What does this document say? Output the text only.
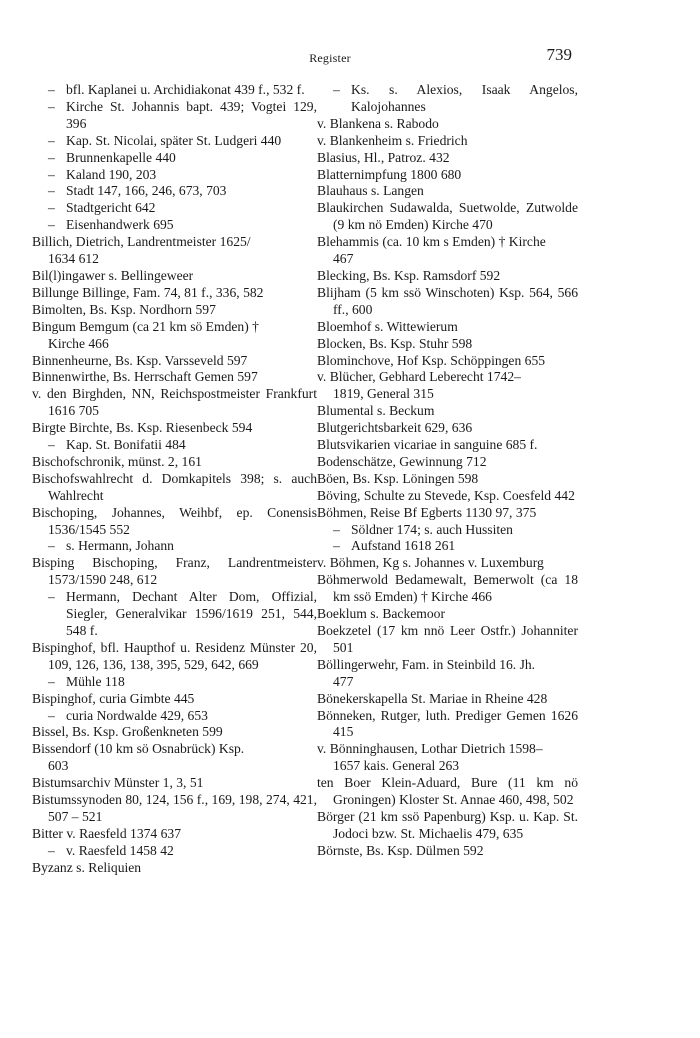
Register	739
– bfl. Kaplanei u. Archidiakonat 439 f., 532 f.
– Kirche St. Johannis bapt. 439; Vogtei 129, 396
– Kap. St. Nicolai, später St. Ludgeri 440
– Brunnenkapelle 440
– Kaland 190, 203
– Stadt 147, 166, 246, 673, 703
– Stadtgericht 642
– Eisenhandwerk 695
Billich, Dietrich, Landrentmeister 1625/
1634 612
Bil(l)ingawer s. Bellingeweer
Billunge Billinge, Fam. 74, 81 f., 336, 582
Bimolten, Bs. Ksp. Nordhorn 597
Bingum Bemgum (ca 21 km sö Emden) †
Kirche 466
Binnenheurne, Bs. Ksp. Varsseveld 597
Binnenwirthe, Bs. Herrschaft Gemen 597
v. den Birghden, NN, Reichspostmeister Frankfurt 1616 705
Birgte Birchte, Bs. Ksp. Riesenbeck 594
– Kap. St. Bonifatii 484
Bischofschronik, münst. 2, 161
Bischofswahlrecht d. Domkapitels 398; s. auch Wahlrecht
Bischoping, Johannes, Weihbf, ep. Conensis 1536/1545 552
– s. Hermann, Johann
Bisping Bischoping, Franz, Landrentmeister 1573/1590 248, 612
– Hermann, Dechant Alter Dom, Offizial, Siegler, Generalvikar 1596/1619 251, 544, 548 f.
Bispinghof, bfl. Haupthof u. Residenz Münster 20, 109, 126, 136, 138, 395, 529, 642, 669
– Mühle 118
Bispinghof, curia Gimbte 445
– curia Nordwalde 429, 653
Bissel, Bs. Ksp. Großenkneten 599
Bissendorf (10 km sö Osnabrück) Ksp.
603
Bistumsarchiv Münster 1, 3, 51
Bistumssynoden 80, 124, 156 f., 169, 198, 274, 421, 507 – 521
Bitter v. Raesfeld 1374 637
– v. Raesfeld 1458 42
Byzanz s. Reliquien
– Ks. s. Alexios, Isaak Angelos, Kalojohannes
v. Blankena s. Rabodo
v. Blankenheim s. Friedrich
Blasius, Hl., Patroz. 432
Blatternimpfung 1800 680
Blauhaus s. Langen
Blaukirchen Sudawalda, Suetwolde, Zutwolde (9 km nö Emden) Kirche 470
Blehammis (ca. 10 km s Emden) † Kirche
467
Blecking, Bs. Ksp. Ramsdorf 592
Blijham (5 km ssö Winschoten) Ksp. 564, 566 ff., 600
Bloemhof s. Wittewierum
Blocken, Bs. Ksp. Stuhr 598
Blominchove, Hof Ksp. Schöppingen 655
v. Blücher, Gebhard Leberecht 1742–
1819, General 315
Blumental s. Beckum
Blutgerichtsbarkeit 629, 636
Blutsvikarien vicariae in sanguine 685 f.
Bodenschätze, Gewinnung 712
Böen, Bs. Ksp. Löningen 598
Böving, Schulte zu Stevede, Ksp. Coesfeld 442
Böhmen, Reise Bf Egberts 1130 97, 375
– Söldner 174; s. auch Hussiten
– Aufstand 1618 261
v. Böhmen, Kg s. Johannes v. Luxemburg
Böhmerwold Bedamewalt, Bemerwolt (ca 18 km ssö Emden) † Kirche 466
Boeklum s. Backemoor
Boekzetel (17 km nnö Leer Ostfr.) Johanniter 501
Böllingerwehr, Fam. in Steinbild 16. Jh.
477
Bönekerskapella St. Mariae in Rheine 428
Bönneken, Rutger, luth. Prediger Gemen 1626 415
v. Bönninghausen, Lothar Dietrich 1598–
1657 kais. General 263
ten Boer Klein-Aduard, Bure (11 km nö Groningen) Kloster St. Annae 460, 498, 502
Börger (21 km ssö Papenburg) Ksp. u. Kap. St. Jodoci bzw. St. Michaelis 479, 635
Börnste, Bs. Ksp. Dülmen 592
